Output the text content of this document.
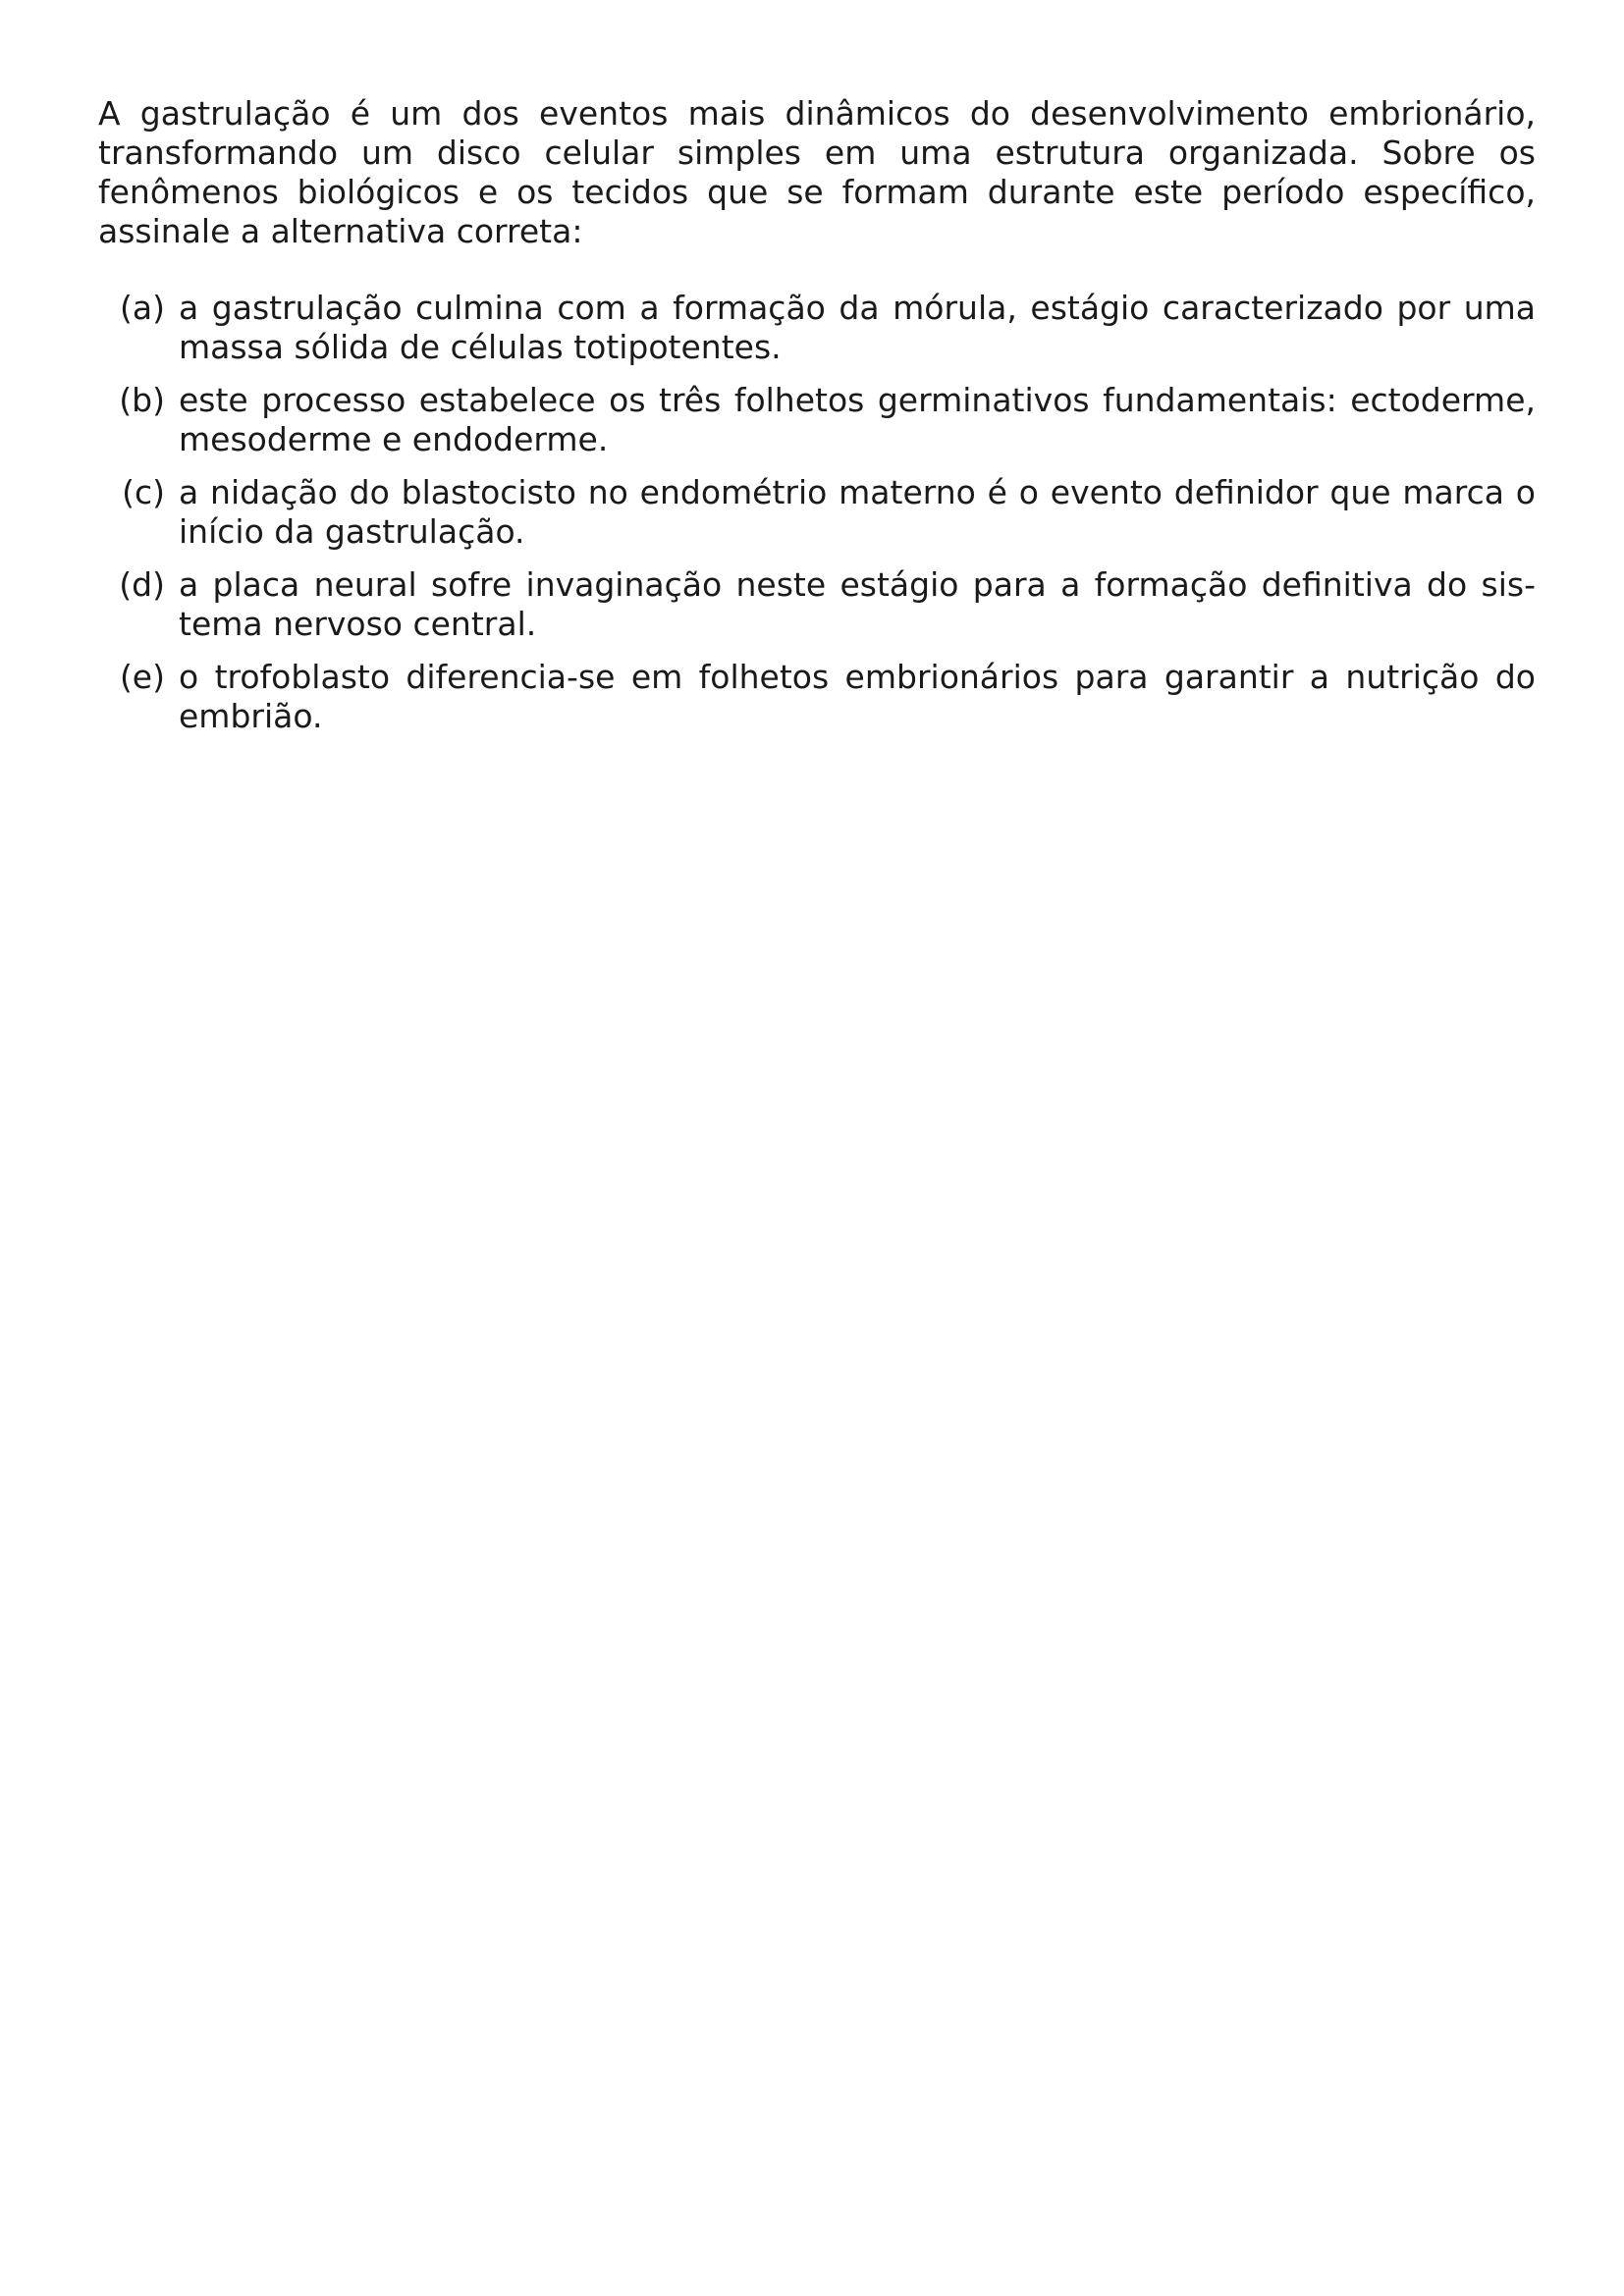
A gastrulação é um dos eventos mais dinâmicos do desenvolvimento embrionário, transformando um disco celular simples em uma estrutura organizada. Sobre os fenômenos biológicos e os tecidos que se formam durante este período específico, assinale a alternativa correta:

(a) a gastrulação culmina com a formação da mórula, estágio caracterizado por uma massa sólida de células totipotentes.
(b) este processo estabelece os três folhetos germinativos fundamentais: ectoderme, mesoderme e endoderme.
(c) a nidação do blastocisto no endométrio materno é o evento definidor que marca o início da gastrulação.
(d) a placa neural sofre invaginação neste estágio para a formação definitiva do sistema nervoso central.
(e) o trofoblasto diferencia-se em folhetos embrionários para garantir a nutrição do embrião.
